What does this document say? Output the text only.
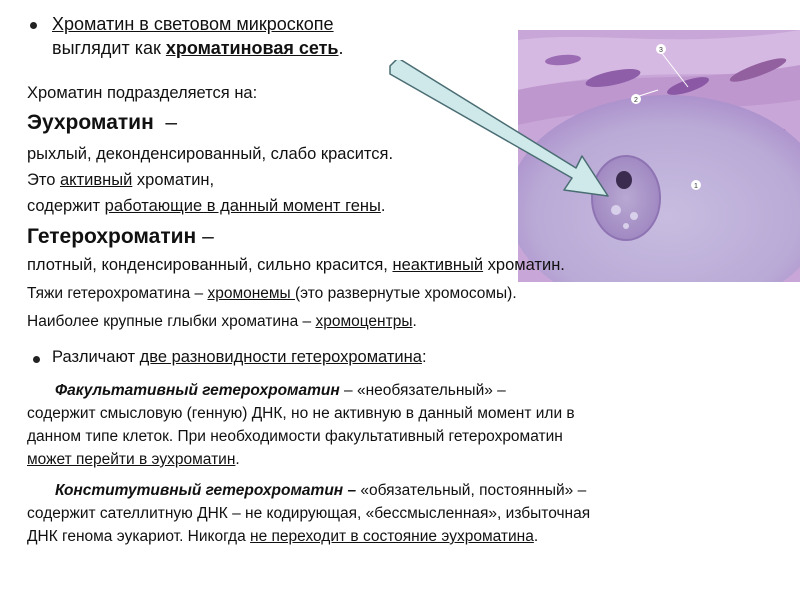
3
2
1
Хроматин в световом микроскопе
выглядит как хроматиновая сеть.
Хроматин подразделяется на:
Эухроматин –
рыхлый, деконденсированный, слабо красится.
Это активный хроматин,
содержит работающие в данный момент гены.
Гетерохроматин –
плотный, конденсированный, сильно красится, неактивный хроматин.
Тяжи гетерохроматина – хромонемы (это развернутые хромосомы).
Наиболее крупные глыбки хроматина – хромоцентры.
Различают две разновидности гетерохроматина:
Факультативный гетерохроматин – «необязательный» –
содержит смысловую (генную) ДНК, но не активную в данный момент или в
данном типе клеток. При необходимости факультативный гетерохроматин
может перейти в эухроматин.
Конститутивный гетерохроматин – «обязательный, постоянный» –
содержит сателлитную ДНК – не кодирующая, «бессмысленная», избыточная
ДНК генома эукариот. Никогда не переходит в состояние эухроматина.
